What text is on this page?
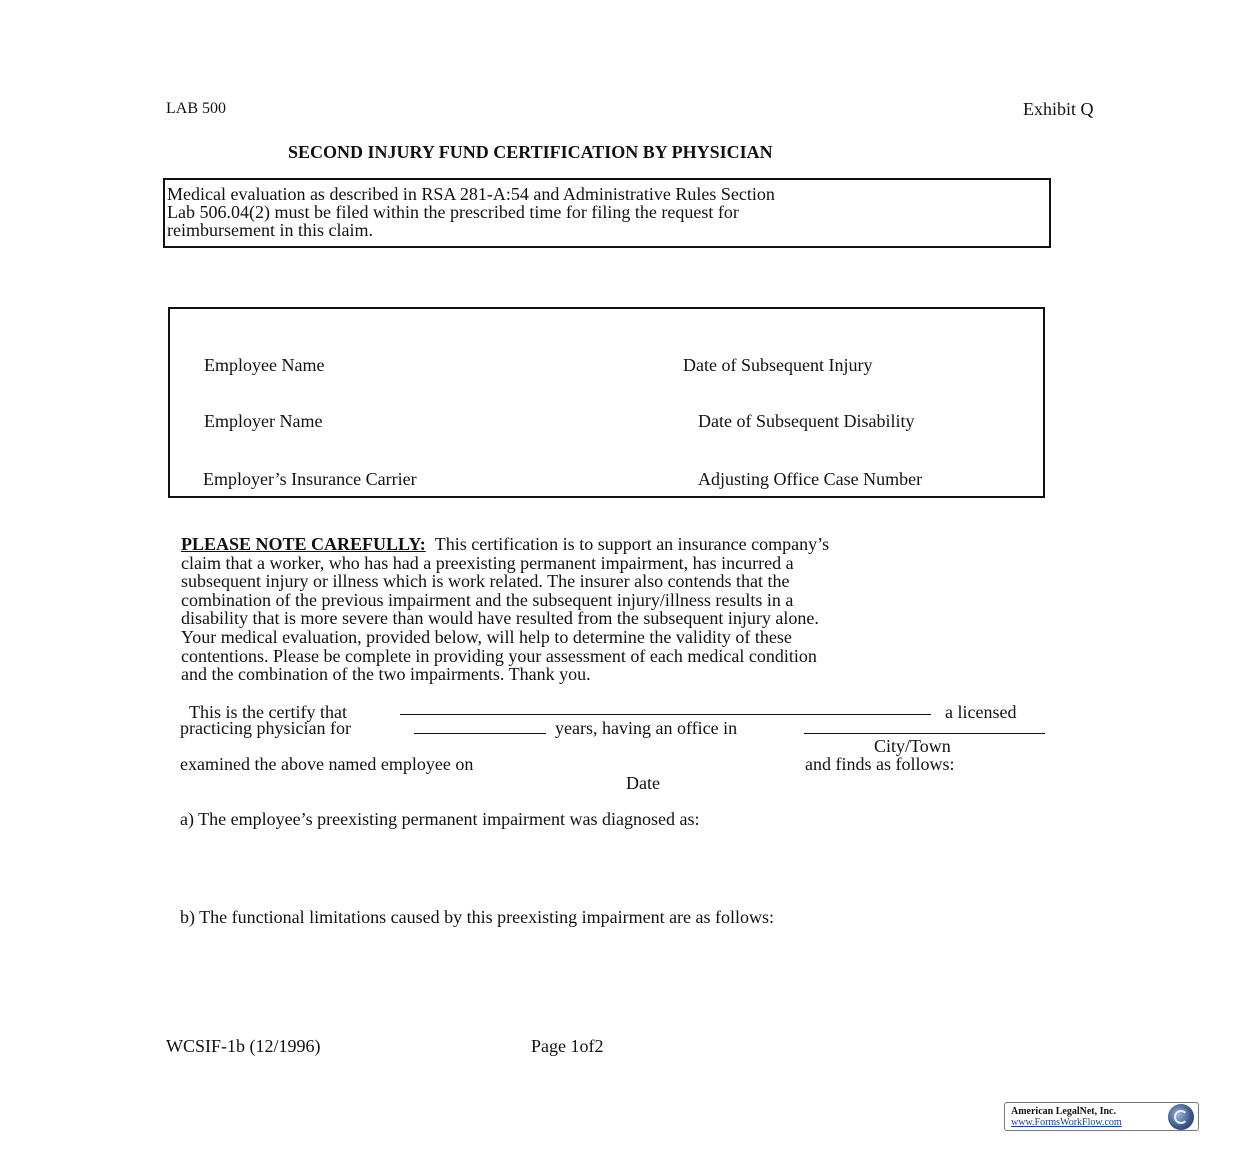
LAB 500	Exhibit Q
SECOND INJURY FUND CERTIFICATION BY PHYSICIAN
Medical evaluation as described in RSA 281-A:54 and Administrative Rules Section
Lab 506.04(2) must be filed within the prescribed time for filing the request for
reimbursement in this claim.
Employee Name	Date of Subsequent Injury
Employer Name	Date of Subsequent Disability
Employer’s Insurance Carrier	Adjusting Office Case Number

PLEASE NOTE CAREFULLY: This certification is to support an insurance company’s

claim that a worker, who has had a preexisting permanent impairment, has incurred a

subsequent injury or illness which is work related. The insurer also contends that the

combination of the previous impairment and the subsequent injury/illness results in a

disability that is more severe than would have resulted from the subsequent injury alone.

Your medical evaluation, provided below, will help to determine the validity of these

contentions. Please be complete in providing your assessment of each medical condition

and the combination of the two impairments. Thank you.

This is the certify that	a licensed
practicing physician for	years, having an office in
City/Town
examined the above named employee on	and finds as follows:
Date
a) The employee’s preexisting permanent impairment was diagnosed as:
b) The functional limitations caused by this preexisting impairment are as follows:
WCSIF-1b (12/1996)	Page 1of2
American LegalNet, Inc.
www.FormsWorkFlow.com
